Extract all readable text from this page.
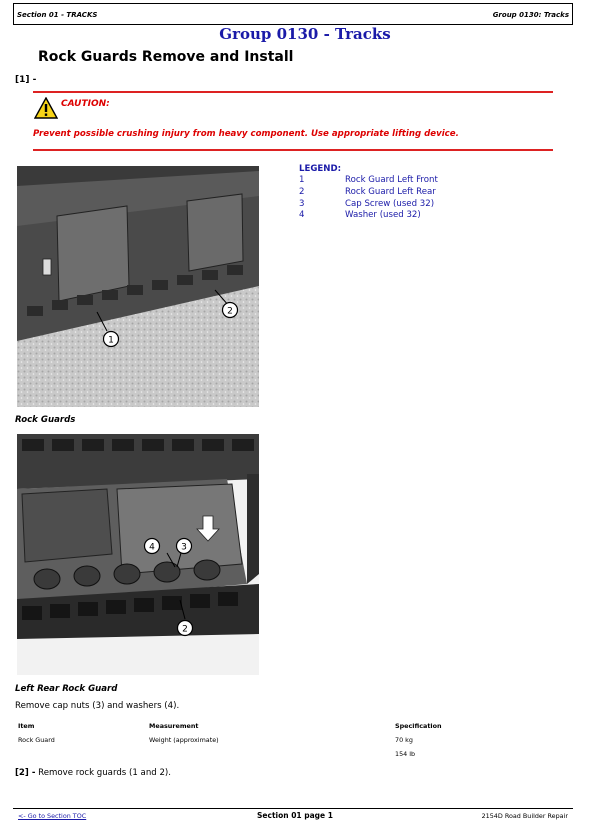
Section 01 - TRACKS	Group 0130: Tracks
Group 0130 - Tracks
Rock Guards Remove and Install
[1] -
CAUTION:
Prevent possible crushing injury from heavy component. Use appropriate lifting device.
1
2
LEGEND:
1	Rock Guard Left Front
2	Rock Guard Left Rear
3	Cap Screw (used 32)
4	Washer (used 32)
Rock Guards
4	3
2
Left Rear Rock Guard
Remove cap nuts (3) and washers (4).
Item	Measurement	Specification
Rock Guard	Weight (approximate)	70 kg
		154 lb
[2] - Remove rock guards (1 and 2).
<- Go to Section TOC	Section 01 page 1	2154D Road Builder Repair
